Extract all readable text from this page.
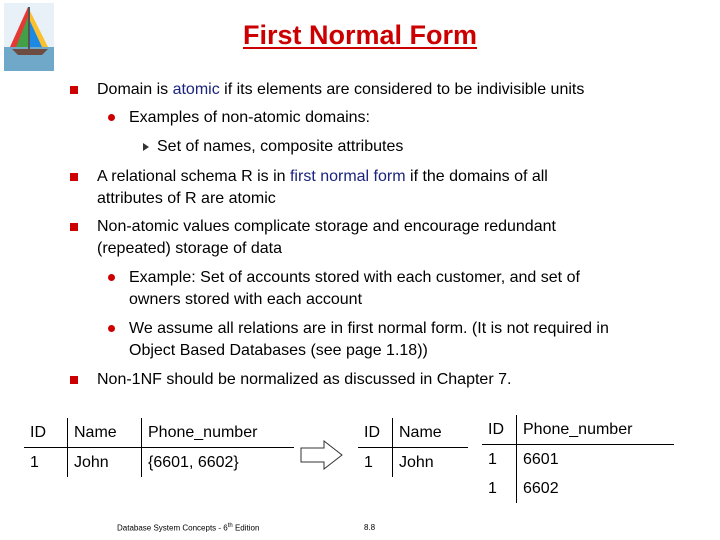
First Normal Form
Domain is atomic if its elements are considered to be indivisible units
Examples of non-atomic domains:
Set of names, composite attributes
A relational schema R is in first normal form if the domains of all
attributes of R are atomic
Non-atomic values complicate storage and encourage redundant
(repeated) storage of data
Example: Set of accounts stored with each customer, and set of
owners stored with each account
We assume all relations are in first normal form. (It is not required in
Object Based Databases (see page 1.18))
Non-1NF should be normalized as discussed in Chapter 7.
ID	Name	Phone_number
1	John	{6601, 6602}
ID	Name
1	John
ID	Phone_number
1	6601
1	6602
Database System Concepts - 6th Edition	8.8
